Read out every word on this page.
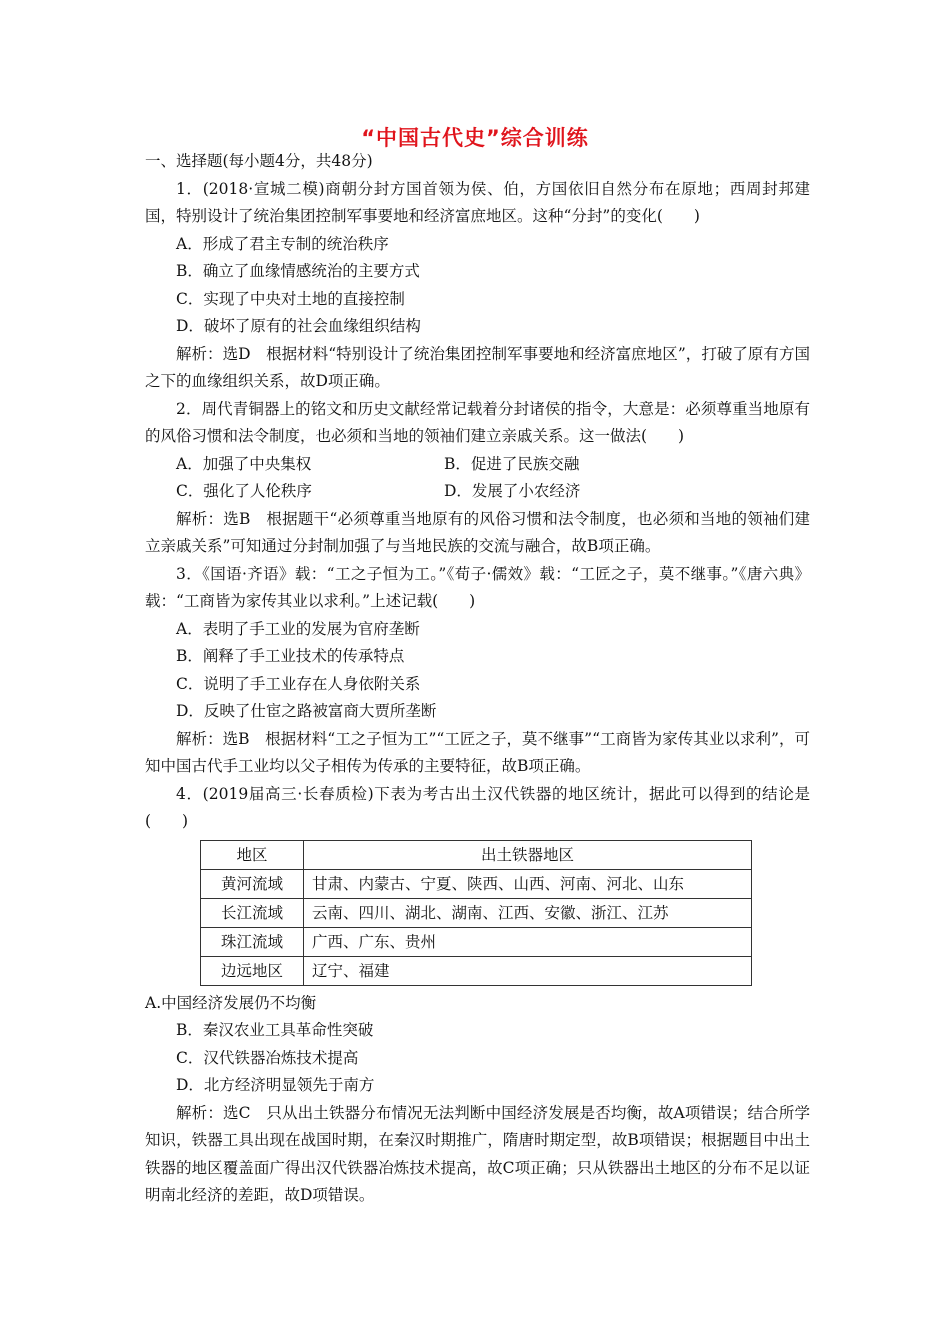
“中国古代史”综合训练

一、选择题(每小题4分，共48分)

1．(2018·宣城二模)商朝分封方国首领为侯、伯，方国依旧自然分布在原地；西周封邦建国，特别设计了统治集团控制军事要地和经济富庶地区。这种“分封”的变化(　　)

A．形成了君主专制的统治秩序

B．确立了血缘情感统治的主要方式

C．实现了中央对土地的直接控制

D．破坏了原有的社会血缘组织结构

解析：选D　根据材料“特别设计了统治集团控制军事要地和经济富庶地区”，打破了原有方国之下的血缘组织关系，故D项正确。

2．周代青铜器上的铭文和历史文献经常记载着分封诸侯的指令，大意是：必须尊重当地原有的风俗习惯和法令制度，也必须和当地的领袖们建立亲戚关系。这一做法(　　)

A．加强了中央集权	B．促进了民族交融
C．强化了人伦秩序	D．发展了小农经济

解析：选B　根据题干“必须尊重当地原有的风俗习惯和法令制度，也必须和当地的领袖们建立亲戚关系”可知通过分封制加强了与当地民族的交流与融合，故B项正确。

3．《国语·齐语》载：“工之子恒为工。”《荀子·儒效》载：“工匠之子，莫不继事。”《唐六典》载：“工商皆为家传其业以求利。”上述记载(　　)

A．表明了手工业的发展为官府垄断

B．阐释了手工业技术的传承特点

C．说明了手工业存在人身依附关系

D．反映了仕宦之路被富商大贾所垄断

解析：选B　根据材料“工之子恒为工”“工匠之子，莫不继事”“工商皆为家传其业以求利”，可知中国古代手工业均以父子相传为传承的主要特征，故B项正确。

4．(2019届高三·长春质检)下表为考古出土汉代铁器的地区统计，据此可以得到的结论是(　　)

地区	出土铁器地区
黄河流域	甘肃、内蒙古、宁夏、陕西、山西、河南、河北、山东
长江流域	云南、四川、湖北、湖南、江西、安徽、浙江、江苏
珠江流域	广西、广东、贵州
边远地区	辽宁、福建

A.中国经济发展仍不均衡

B．秦汉农业工具革命性突破

C．汉代铁器冶炼技术提高

D．北方经济明显领先于南方

解析：选C　只从出土铁器分布情况无法判断中国经济发展是否均衡，故A项错误；结合所学知识，铁器工具出现在战国时期，在秦汉时期推广，隋唐时期定型，故B项错误；根据题目中出土铁器的地区覆盖面广得出汉代铁器冶炼技术提高，故C项正确；只从铁器出土地区的分布不足以证明南北经济的差距，故D项错误。
